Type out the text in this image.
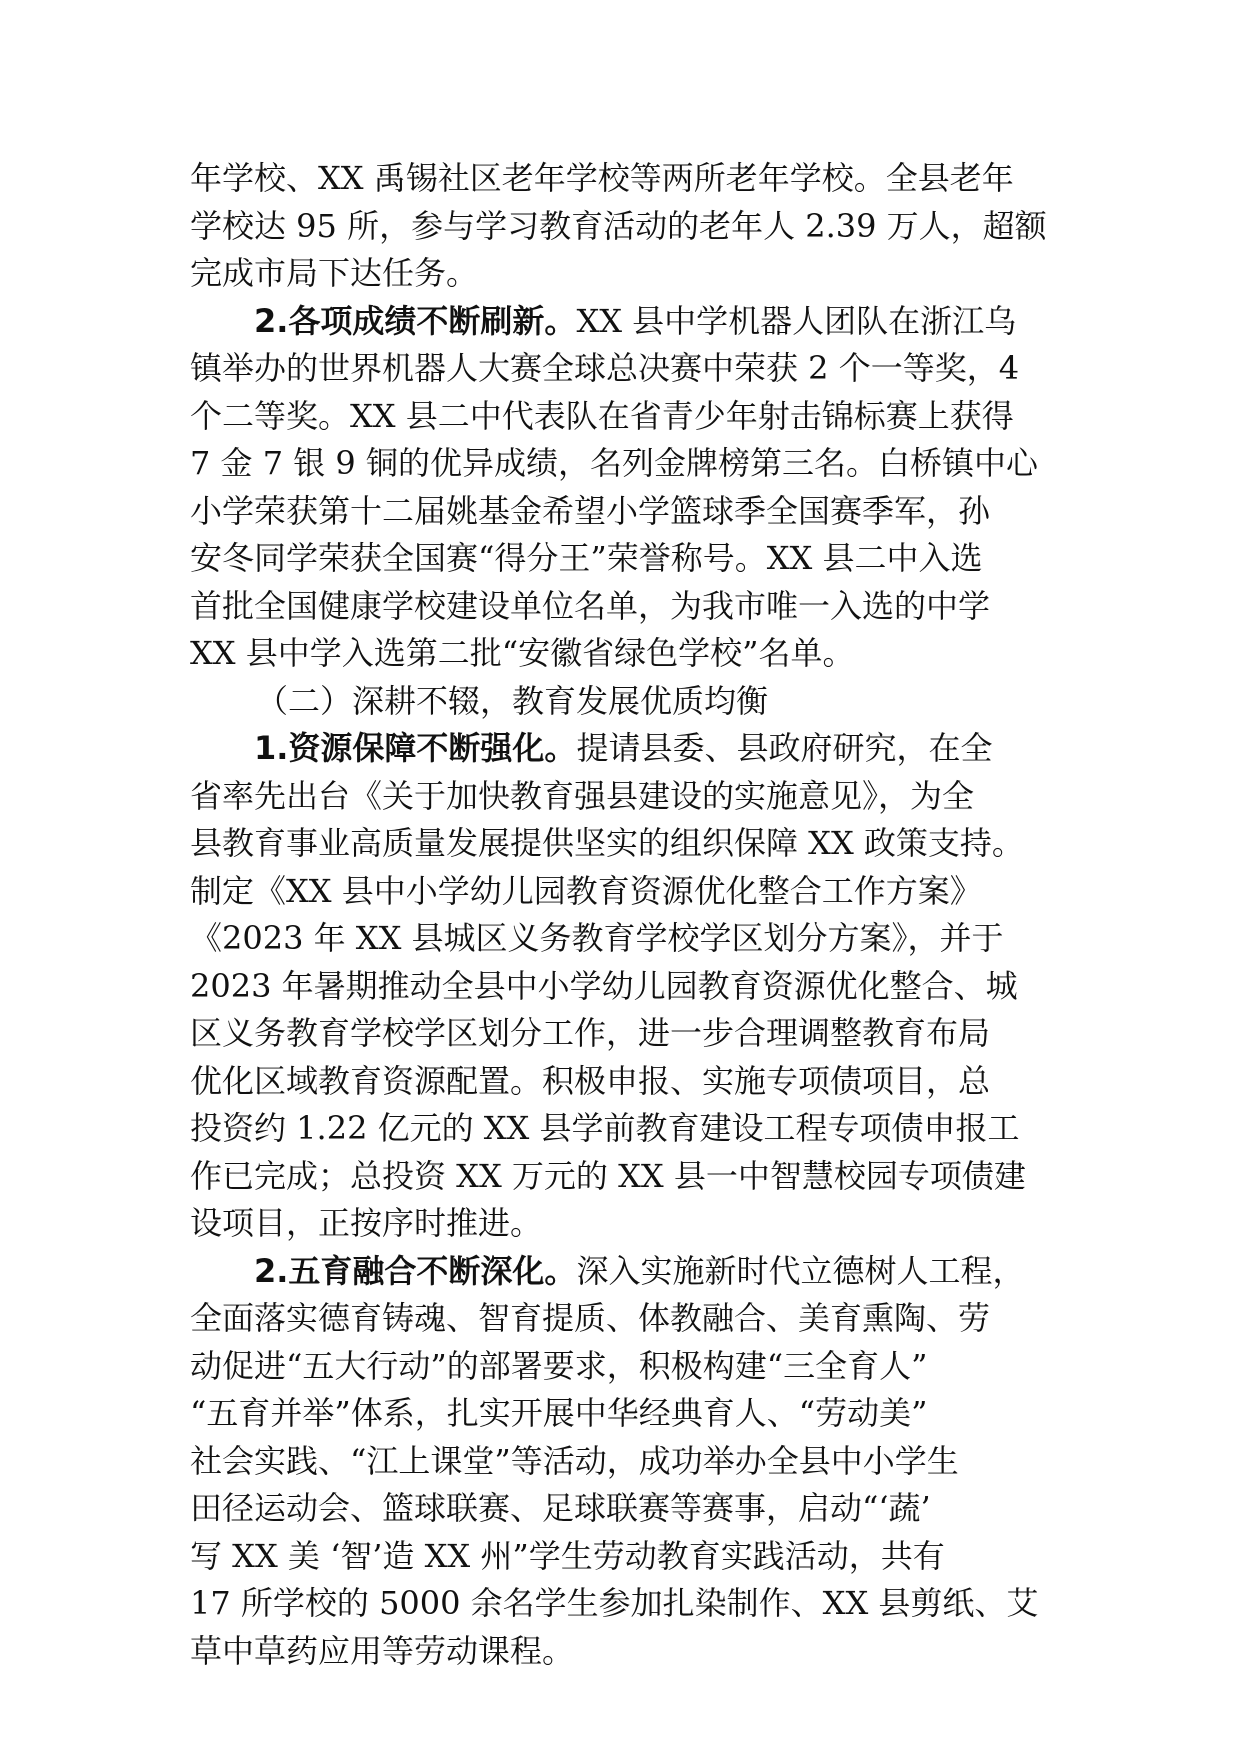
年学校、XX 禹锡社区老年学校等两所老年学校。全县老年
学校达 95 所，参与学习教育活动的老年人 2.39 万人，超额
完成市局下达任务。
2.各项成绩不断刷新。XX 县中学机器人团队在浙江乌
镇举办的世界机器人大赛全球总决赛中荣获 2 个一等奖，4
个二等奖。XX 县二中代表队在省青少年射击锦标赛上获得
7 金 7 银 9 铜的优异成绩，名列金牌榜第三名。白桥镇中心
小学荣获第十二届姚基金希望小学篮球季全国赛季军，孙
安冬同学荣获全国赛“得分王”荣誉称号。XX 县二中入选
首批全国健康学校建设单位名单，为我市唯一入选的中学
XX 县中学入选第二批“安徽省绿色学校”名单。
（二）深耕不辍，教育发展优质均衡
1.资源保障不断强化。提请县委、县政府研究，在全
省率先出台《关于加快教育强县建设的实施意见》，为全
县教育事业高质量发展提供坚实的组织保障 XX 政策支持。
制定《XX 县中小学幼儿园教育资源优化整合工作方案》
《2023 年 XX 县城区义务教育学校学区划分方案》，并于
2023 年暑期推动全县中小学幼儿园教育资源优化整合、城
区义务教育学校学区划分工作，进一步合理调整教育布局
优化区域教育资源配置。积极申报、实施专项债项目，总
投资约 1.22 亿元的 XX 县学前教育建设工程专项债申报工
作已完成；总投资 XX 万元的 XX 县一中智慧校园专项债建
设项目，正按序时推进。
2.五育融合不断深化。深入实施新时代立德树人工程，
全面落实德育铸魂、智育提质、体教融合、美育熏陶、劳
动促进“五大行动”的部署要求，积极构建“三全育人”
“五育并举”体系，扎实开展中华经典育人、“劳动美”
社会实践、“江上课堂”等活动，成功举办全县中小学生
田径运动会、篮球联赛、足球联赛等赛事，启动“‘蔬’
写 XX 美 ‘智’造 XX 州”学生劳动教育实践活动，共有
17 所学校的 5000 余名学生参加扎染制作、XX 县剪纸、艾
草中草药应用等劳动课程。
